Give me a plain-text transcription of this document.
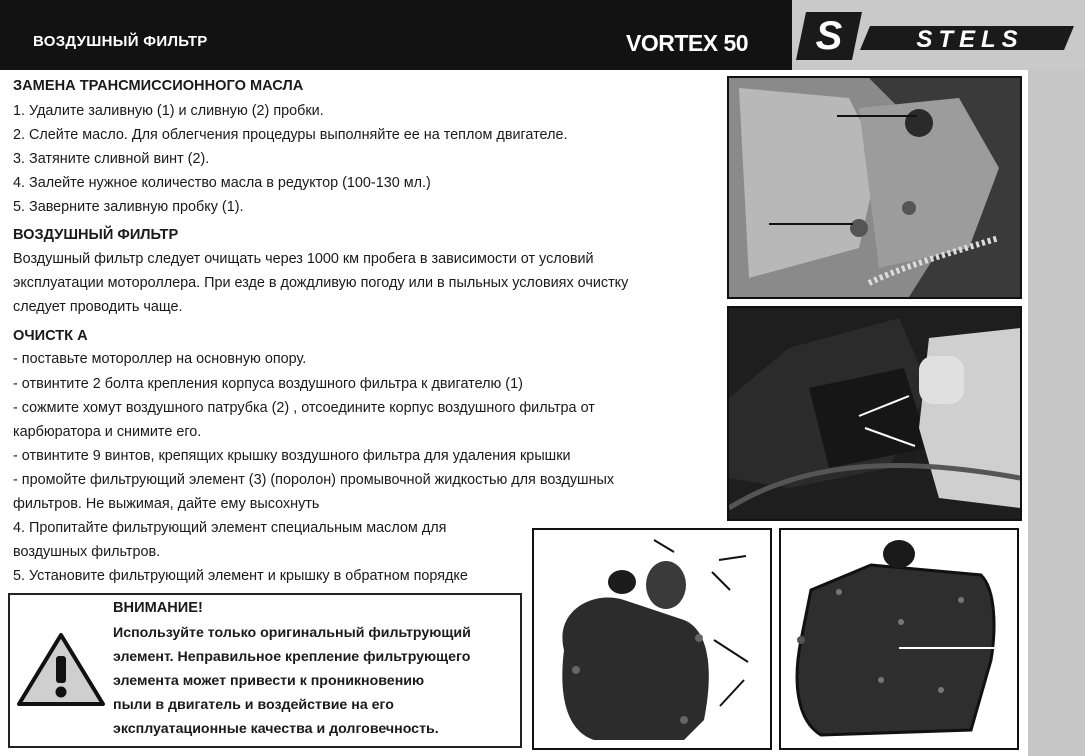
ВОЗДУШНЫЙ ФИЛЬТР	VORTEX 50 S	STELS
ЗАМЕНА ТРАНСМИССИОННОГО МАСЛА
1. Удалите заливную (1) и сливную (2) пробки.
2. Слейте масло. Для облегчения процедуры выполняйте ее на теплом двигателе.
3. Затяните сливной винт (2).
4. Залейте нужное количество масла в редуктор (100-130 мл.)
5. Заверните заливную пробку (1).
ВОЗДУШНЫЙ ФИЛЬТР
Воздушный фильтр следует очищать через 1000 км пробега в зависимости от условий
эксплуатации мотороллера. При езде в дождливую погоду или в пыльных условиях очистку
следует проводить чаще.
ОЧИСТК А
- поставьте мотороллер на основную опору.
- отвинтите 2 болта крепления корпуса воздушного фильтра к двигателю (1)
- сожмите хомут воздушного патрубка (2) , отсоедините корпус воздушного фильтра от
карбюратора и снимите его.
- отвинтите 9 винтов, крепящих крышку воздушного фильтра для удаления крышки
- промойте фильтрующий элемент (3) (поролон) промывочной жидкостью для воздушных
фильтров. Не выжимая, дайте ему высохнуть
4. Пропитайте фильтрующий элемент специальным маслом для
воздушных фильтров.
5. Установите фильтрующий элемент и крышку в обратном порядке
ВНИМАНИЕ!
Используйте только оригинальный фильтрующий
элемент. Неправильное крепление фильтрующего
элемента может привести к проникновению
пыли в двигатель и воздействие на его
эксплуатационные качества и долговечность.
